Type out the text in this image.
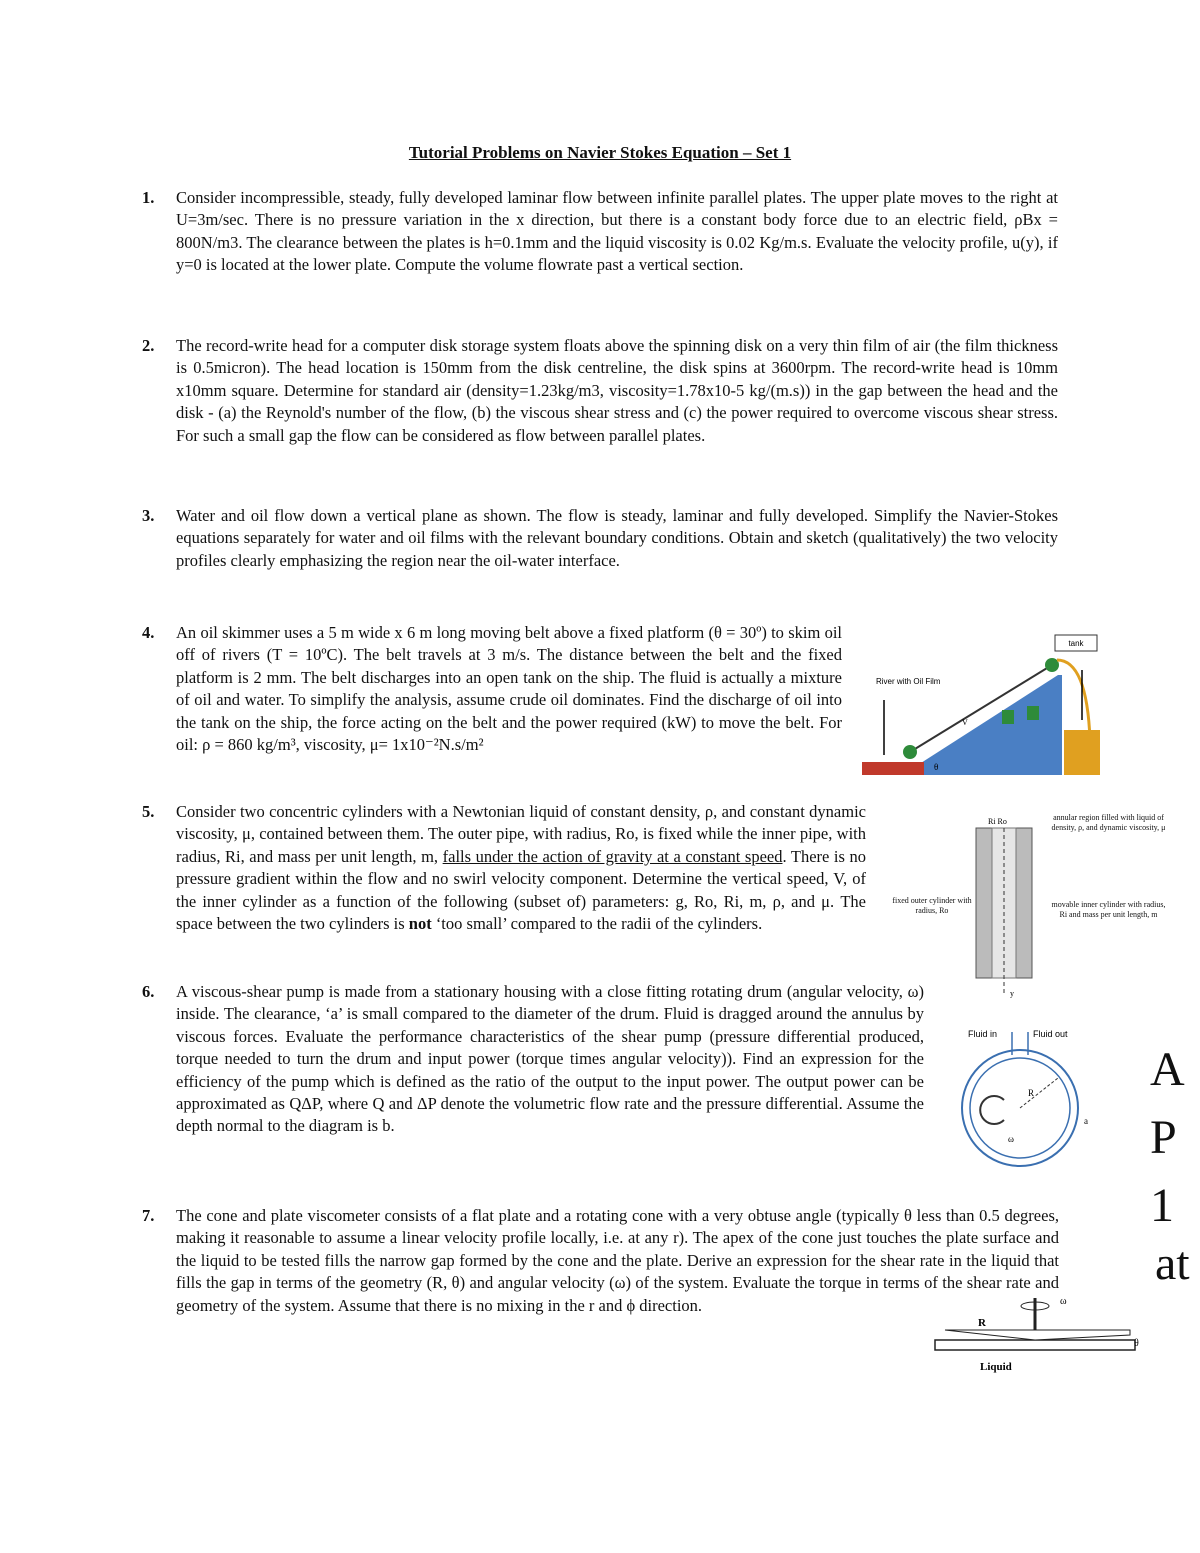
Tutorial Problems on Navier Stokes Equation – Set 1
1. Consider incompressible, steady, fully developed laminar flow between infinite parallel plates. The upper plate moves to the right at U=3m/sec. There is no pressure variation in the x direction, but there is a constant body force due to an electric field, ρBx = 800N/m3. The clearance between the plates is h=0.1mm and the liquid viscosity is 0.02 Kg/m.s. Evaluate the velocity profile, u(y), if y=0 is located at the lower plate. Compute the volume flowrate past a vertical section.
2. The record-write head for a computer disk storage system floats above the spinning disk on a very thin film of air (the film thickness is 0.5micron). The head location is 150mm from the disk centreline, the disk spins at 3600rpm. The record-write head is 10mm x10mm square. Determine for standard air (density=1.23kg/m3, viscosity=1.78x10-5 kg/(m.s)) in the gap between the head and the disk - (a) the Reynold's number of the flow, (b) the viscous shear stress and (c) the power required to overcome viscous shear stress. For such a small gap the flow can be considered as flow between parallel plates.
3. Water and oil flow down a vertical plane as shown. The flow is steady, laminar and fully developed. Simplify the Navier-Stokes equations separately for water and oil films with the relevant boundary conditions. Obtain and sketch (qualitatively) the two velocity profiles clearly emphasizing the region near the oil-water interface.
4. An oil skimmer uses a 5 m wide x 6 m long moving belt above a fixed platform (θ = 30º) to skim oil off of rivers (T = 10ºC). The belt travels at 3 m/s. The distance between the belt and the fixed platform is 2 mm. The belt discharges into an open tank on the ship. The fluid is actually a mixture of oil and water. To simplify the analysis, assume crude oil dominates. Find the discharge of oil into the tank on the ship, the force acting on the belt and the power required (kW) to move the belt. For oil: ρ = 860 kg/m³, viscosity, μ= 1x10⁻²N.s/m²
tank
River with Oil Film
V
θ
5. Consider two concentric cylinders with a Newtonian liquid of constant density, ρ, and constant dynamic viscosity, μ, contained between them. The outer pipe, with radius, Ro, is fixed while the inner pipe, with radius, Ri, and mass per unit length, m, falls under the action of gravity at a constant speed. There is no pressure gradient within the flow and no swirl velocity component. Determine the vertical speed, V, of the inner cylinder as a function of the following (subset of) parameters: g, Ro, Ri, m, ρ, and μ. The space between the two cylinders is not ‘too small’ compared to the radii of the cylinders.
Ri Ro
y
annular region filled with liquid of density, ρ, and dynamic viscosity, μ
fixed outer cylinder with radius, Ro
movable inner cylinder with radius, Ri and mass per unit length, m
6. A viscous-shear pump is made from a stationary housing with a close fitting rotating drum (angular velocity, ω) inside. The clearance, ‘a’ is small compared to the diameter of the drum. Fluid is dragged around the annulus by viscous forces. Evaluate the performance characteristics of the shear pump (pressure differential produced, torque needed to turn the drum and input power (torque times angular velocity)). Find an expression for the efficiency of the pump which is defined as the ratio of the output to the input power. The output power can be approximated as QΔP, where Q and ΔP denote the volumetric flow rate and the pressure differential. Assume the depth normal to the diagram is b.
Fluid in	Fluid out
R
ω
a
7. The cone and plate viscometer consists of a flat plate and a rotating cone with a very obtuse angle (typically θ less than 0.5 degrees, making it reasonable to assume a linear velocity profile locally, i.e. at any r). The apex of the cone just touches the plate surface and the liquid to be tested fills the narrow gap formed by the cone and the plate. Derive an expression for the shear rate in the liquid that fills the gap in terms of the geometry (R, θ) and angular velocity (ω) of the system. Evaluate the torque in terms of the shear rate and geometry of the system. Assume that there is no mixing in the r and ϕ direction.	ω
R
Liquid
θ
A
P
1
at
